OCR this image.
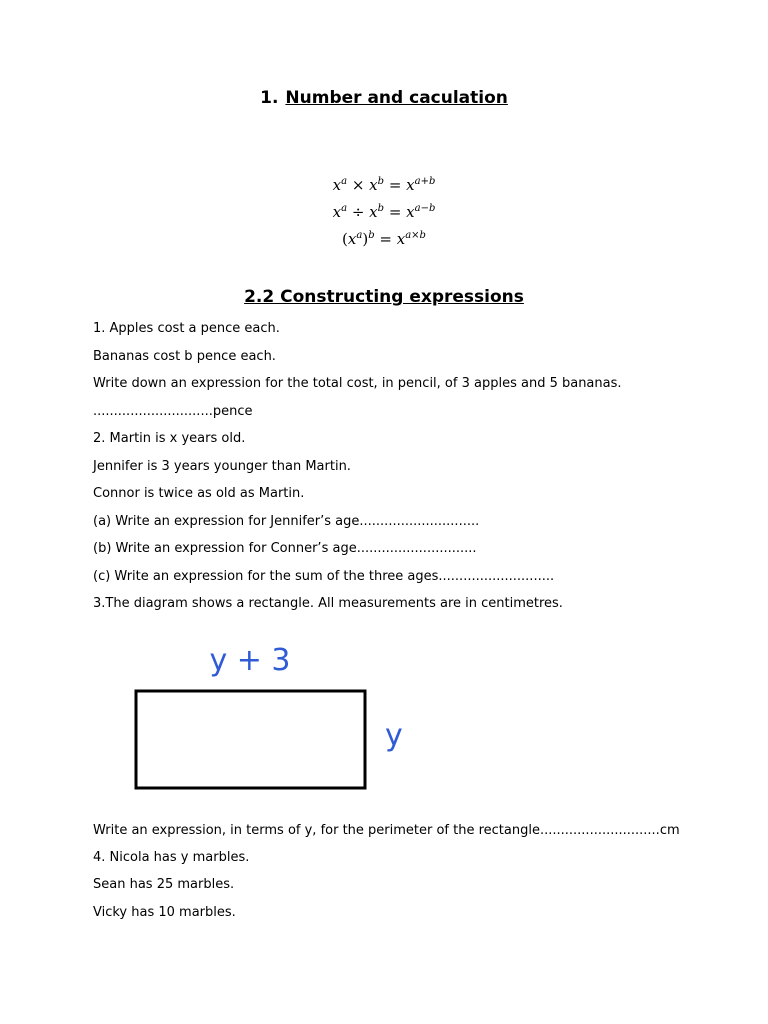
1. Number and caculation
$x^a \times x^b = x^{a+b}$
$x^a \div x^b = x^{a-b}$
$(x^a)^b = x^{a\times b}$
2.2 Constructing expressions
1. Apples cost a pence each.
Bananas cost b pence each.
Write down an expression for the total cost, in pencil, of 3 apples and 5 bananas.
.............................pence
2. Martin is x years old.
Jennifer is 3 years younger than Martin.
Connor is twice as old as Martin.
(a) Write an expression for Jennifer’s age.............................
(b) Write an expression for Conner’s age.............................
(c) Write an expression for the sum of the three ages............................
3.The diagram shows a rectangle. All measurements are in centimetres.
y + 3
y
Write an expression, in terms of y, for the perimeter of the rectangle.............................cm
4. Nicola has y marbles.
Sean has 25 marbles.
Vicky has 10 marbles.
